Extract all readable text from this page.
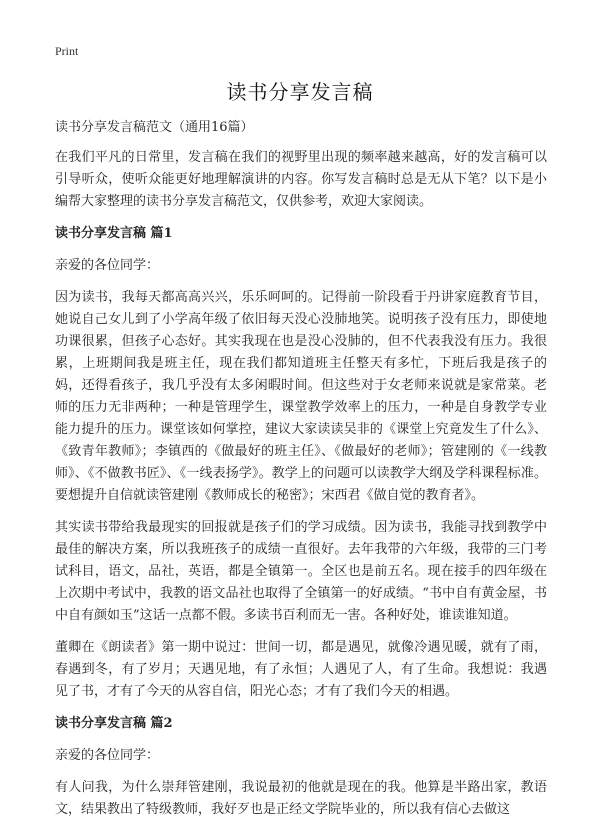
Print
读书分享发言稿

读书分享发言稿范文（通用16篇）

在我们平凡的日常里，发言稿在我们的视野里出现的频率越来越高，好的发言稿可以引导听众，使听众能更好地理解演讲的内容。你写发言稿时总是无从下笔？以下是小编帮大家整理的读书分享发言稿范文，仅供参考，欢迎大家阅读。

读书分享发言稿 篇1

亲爱的各位同学：

因为读书，我每天都高高兴兴，乐乐呵呵的。记得前一阶段看于丹讲家庭教育节目，她说自己女儿到了小学高年级了依旧每天没心没肺地笑。说明孩子没有压力，即使地功课很累，但孩子心态好。其实我现在也是没心没肺的，但不代表我没有压力。我很累，上班期间我是班主任，现在我们都知道班主任整天有多忙，下班后我是孩子的妈，还得看孩子，我几乎没有太多闲暇时间。但这些对于女老师来说就是家常菜。老师的压力无非两种；一种是管理学生，课堂教学效率上的压力，一种是自身教学专业能力提升的压力。课堂该如何掌控，建议大家读读吴非的《课堂上究竟发生了什么》、《致青年教师》；李镇西的《做最好的班主任》、《做最好的老师》；管建刚的《一线教师》、《不做教书匠》、《一线表扬学》。教学上的问题可以读教学大纲及学科课程标准。要想提升自信就读管建刚《教师成长的秘密》；宋西君《做自觉的教育者》。

其实读书带给我最现实的回报就是孩子们的学习成绩。因为读书，我能寻找到教学中最佳的解决方案，所以我班孩子的成绩一直很好。去年我带的六年级，我带的三门考试科目，语文，品社，英语，都是全镇第一。全区也是前五名。现在接手的四年级在上次期中考试中，我教的语文品社也取得了全镇第一的好成绩。“书中自有黄金屋，书中自有颜如玉”这话一点都不假。多读书百利而无一害。各种好处，谁读谁知道。

董卿在《朗读者》第一期中说过：世间一切，都是遇见，就像冷遇见暖，就有了雨，春遇到冬，有了岁月；天遇见地，有了永恒；人遇见了人，有了生命。我想说：我遇见了书，才有了今天的从容自信，阳光心态；才有了我们今天的相遇。

读书分享发言稿 篇2

亲爱的各位同学：

有人问我，为什么崇拜管建刚，我说最初的他就是现在的我。他算是半路出家，教语文，结果教出了特级教师，我好歹也是正经文学院毕业的，所以我有信心去做这
